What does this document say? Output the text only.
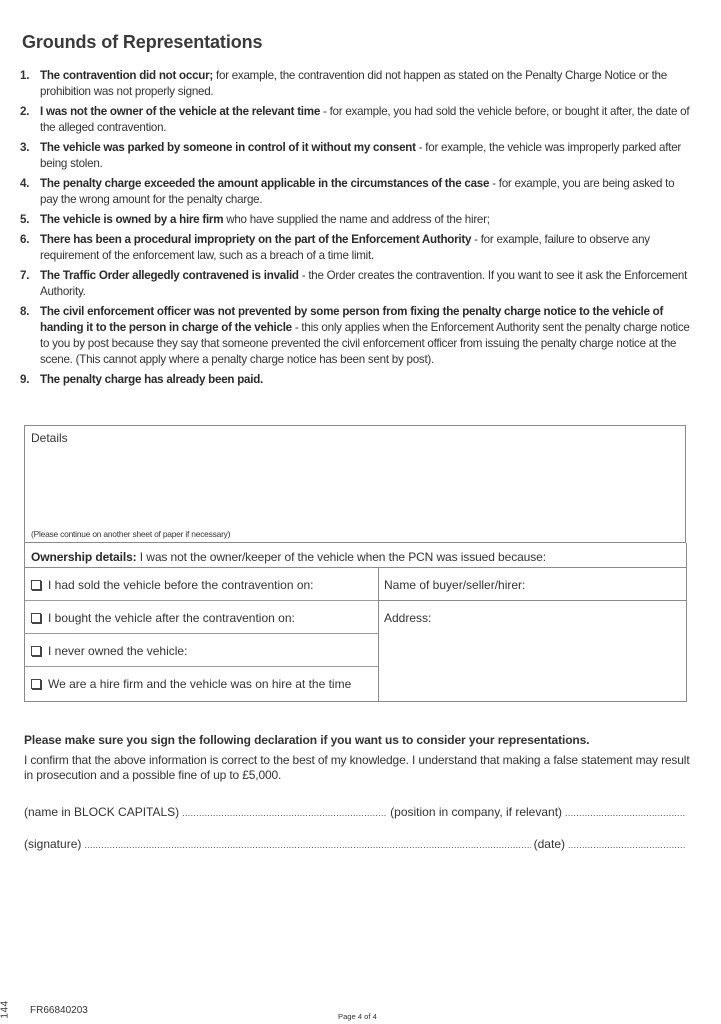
Grounds of Representations
1. The contravention did not occur; for example, the contravention did not happen as stated on the Penalty Charge Notice or the prohibition was not properly signed.
2. I was not the owner of the vehicle at the relevant time - for example, you had sold the vehicle before, or bought it after, the date of the alleged contravention.
3. The vehicle was parked by someone in control of it without my consent - for example, the vehicle was improperly parked after being stolen.
4. The penalty charge exceeded the amount applicable in the circumstances of the case - for example, you are being asked to pay the wrong amount for the penalty charge.
5. The vehicle is owned by a hire firm who have supplied the name and address of the hirer;
6. There has been a procedural impropriety on the part of the Enforcement Authority - for example, failure to observe any requirement of the enforcement law, such as a breach of a time limit.
7. The Traffic Order allegedly contravened is invalid - the Order creates the contravention. If you want to see it ask the Enforcement Authority.
8. The civil enforcement officer was not prevented by some person from fixing the penalty charge notice to the vehicle of handing it to the person in charge of the vehicle - this only applies when the Enforcement Authority sent the penalty charge notice to you by post because they say that someone prevented the civil enforcement officer from issuing the penalty charge notice at the scene. (This cannot apply where a penalty charge notice has been sent by post).
9. The penalty charge has already been paid.
Details
(Please continue on another sheet of paper if necessary)
Ownership details: I was not the owner/keeper of the vehicle when the PCN was issued because:
I had sold the vehicle before the contravention on:
I bought the vehicle after the contravention on:
I never owned the vehicle:
We are a hire firm and the vehicle was on hire at the time
Name of buyer/seller/hirer:
Address:
Please make sure you sign the following declaration if you want us to consider your representations.
I confirm that the above information is correct to the best of my knowledge. I understand that making a false statement may result in prosecution and a possible fine of up to £5,000.
(name in BLOCK CAPITALS) .....	(position in company, if relevant)
.....
(signature) .....	(date)
.....
144 FR66840203
Page 4 of 4
